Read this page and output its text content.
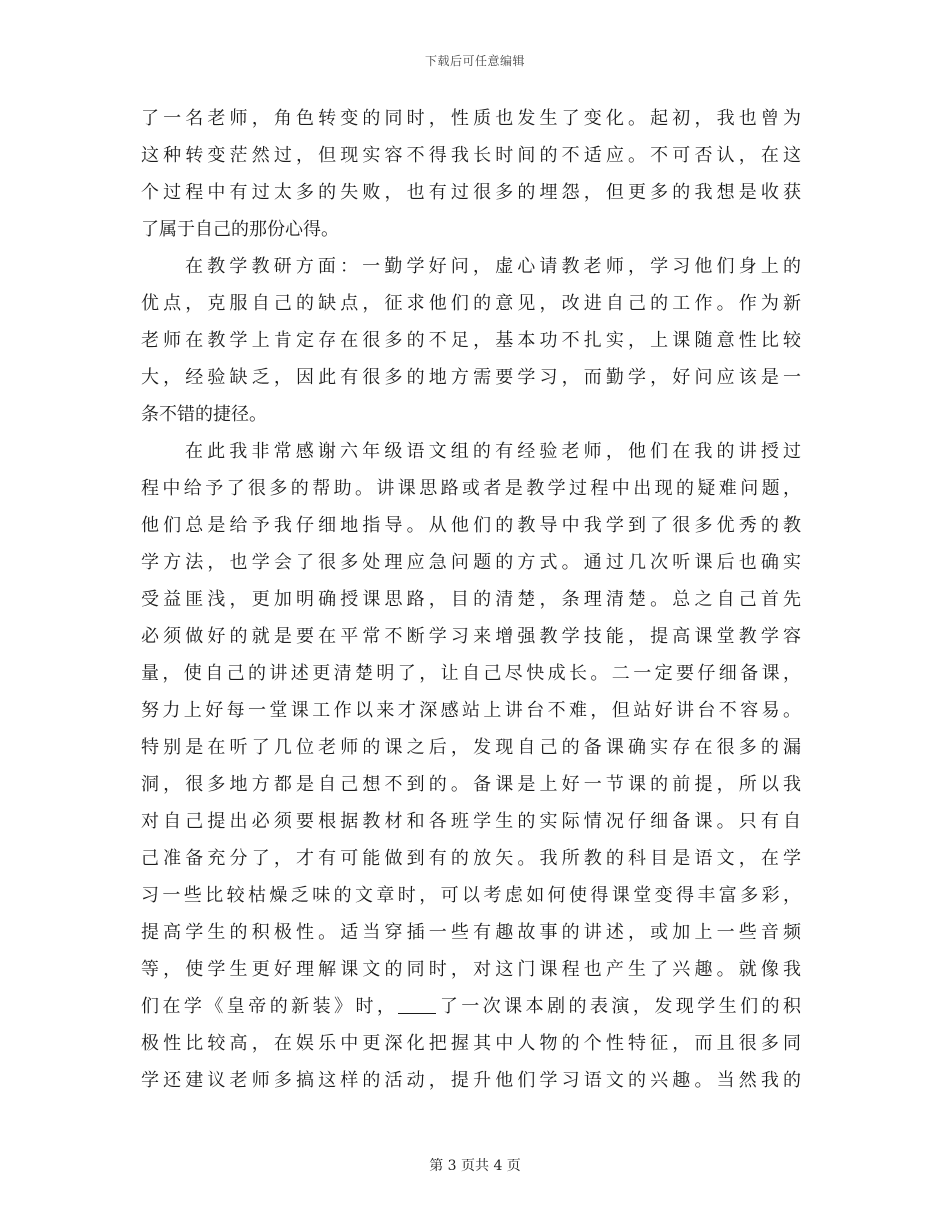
下载后可任意编辑
了一名老师，角色转变的同时，性质也发生了变化。起初，我也曾为
这种转变茫然过，但现实容不得我长时间的不适应。不可否认，在这
个过程中有过太多的失败，也有过很多的埋怨，但更多的我想是收获
了属于自己的那份心得。
在教学教研方面：一勤学好问，虚心请教老师，学习他们身上的
优点，克服自己的缺点，征求他们的意见，改进自己的工作。作为新
老师在教学上肯定存在很多的不足，基本功不扎实，上课随意性比较
大，经验缺乏，因此有很多的地方需要学习，而勤学，好问应该是一
条不错的捷径。
在此我非常感谢六年级语文组的有经验老师，他们在我的讲授过
程中给予了很多的帮助。讲课思路或者是教学过程中出现的疑难问题，
他们总是给予我仔细地指导。从他们的教导中我学到了很多优秀的教
学方法，也学会了很多处理应急问题的方式。通过几次听课后也确实
受益匪浅，更加明确授课思路，目的清楚，条理清楚。总之自己首先
必须做好的就是要在平常不断学习来增强教学技能，提高课堂教学容
量，使自己的讲述更清楚明了，让自己尽快成长。二一定要仔细备课，
努力上好每一堂课工作以来才深感站上讲台不难，但站好讲台不容易。
特别是在听了几位老师的课之后，发现自己的备课确实存在很多的漏
洞，很多地方都是自己想不到的。备课是上好一节课的前提，所以我
对自己提出必须要根据教材和各班学生的实际情况仔细备课。只有自
己准备充分了，才有可能做到有的放矢。我所教的科目是语文，在学
习一些比较枯燥乏味的文章时，可以考虑如何使得课堂变得丰富多彩，
提高学生的积极性。适当穿插一些有趣故事的讲述，或加上一些音频
等，使学生更好理解课文的同时，对这门课程也产生了兴趣。就像我
们在学《皇帝的新装》时， 了一次课本剧的表演，发现学生们的积
极性比较高，在娱乐中更深化把握其中人物的个性特征，而且很多同
学还建议老师多搞这样的活动，提升他们学习语文的兴趣。当然我的
第 3 页共 4 页
